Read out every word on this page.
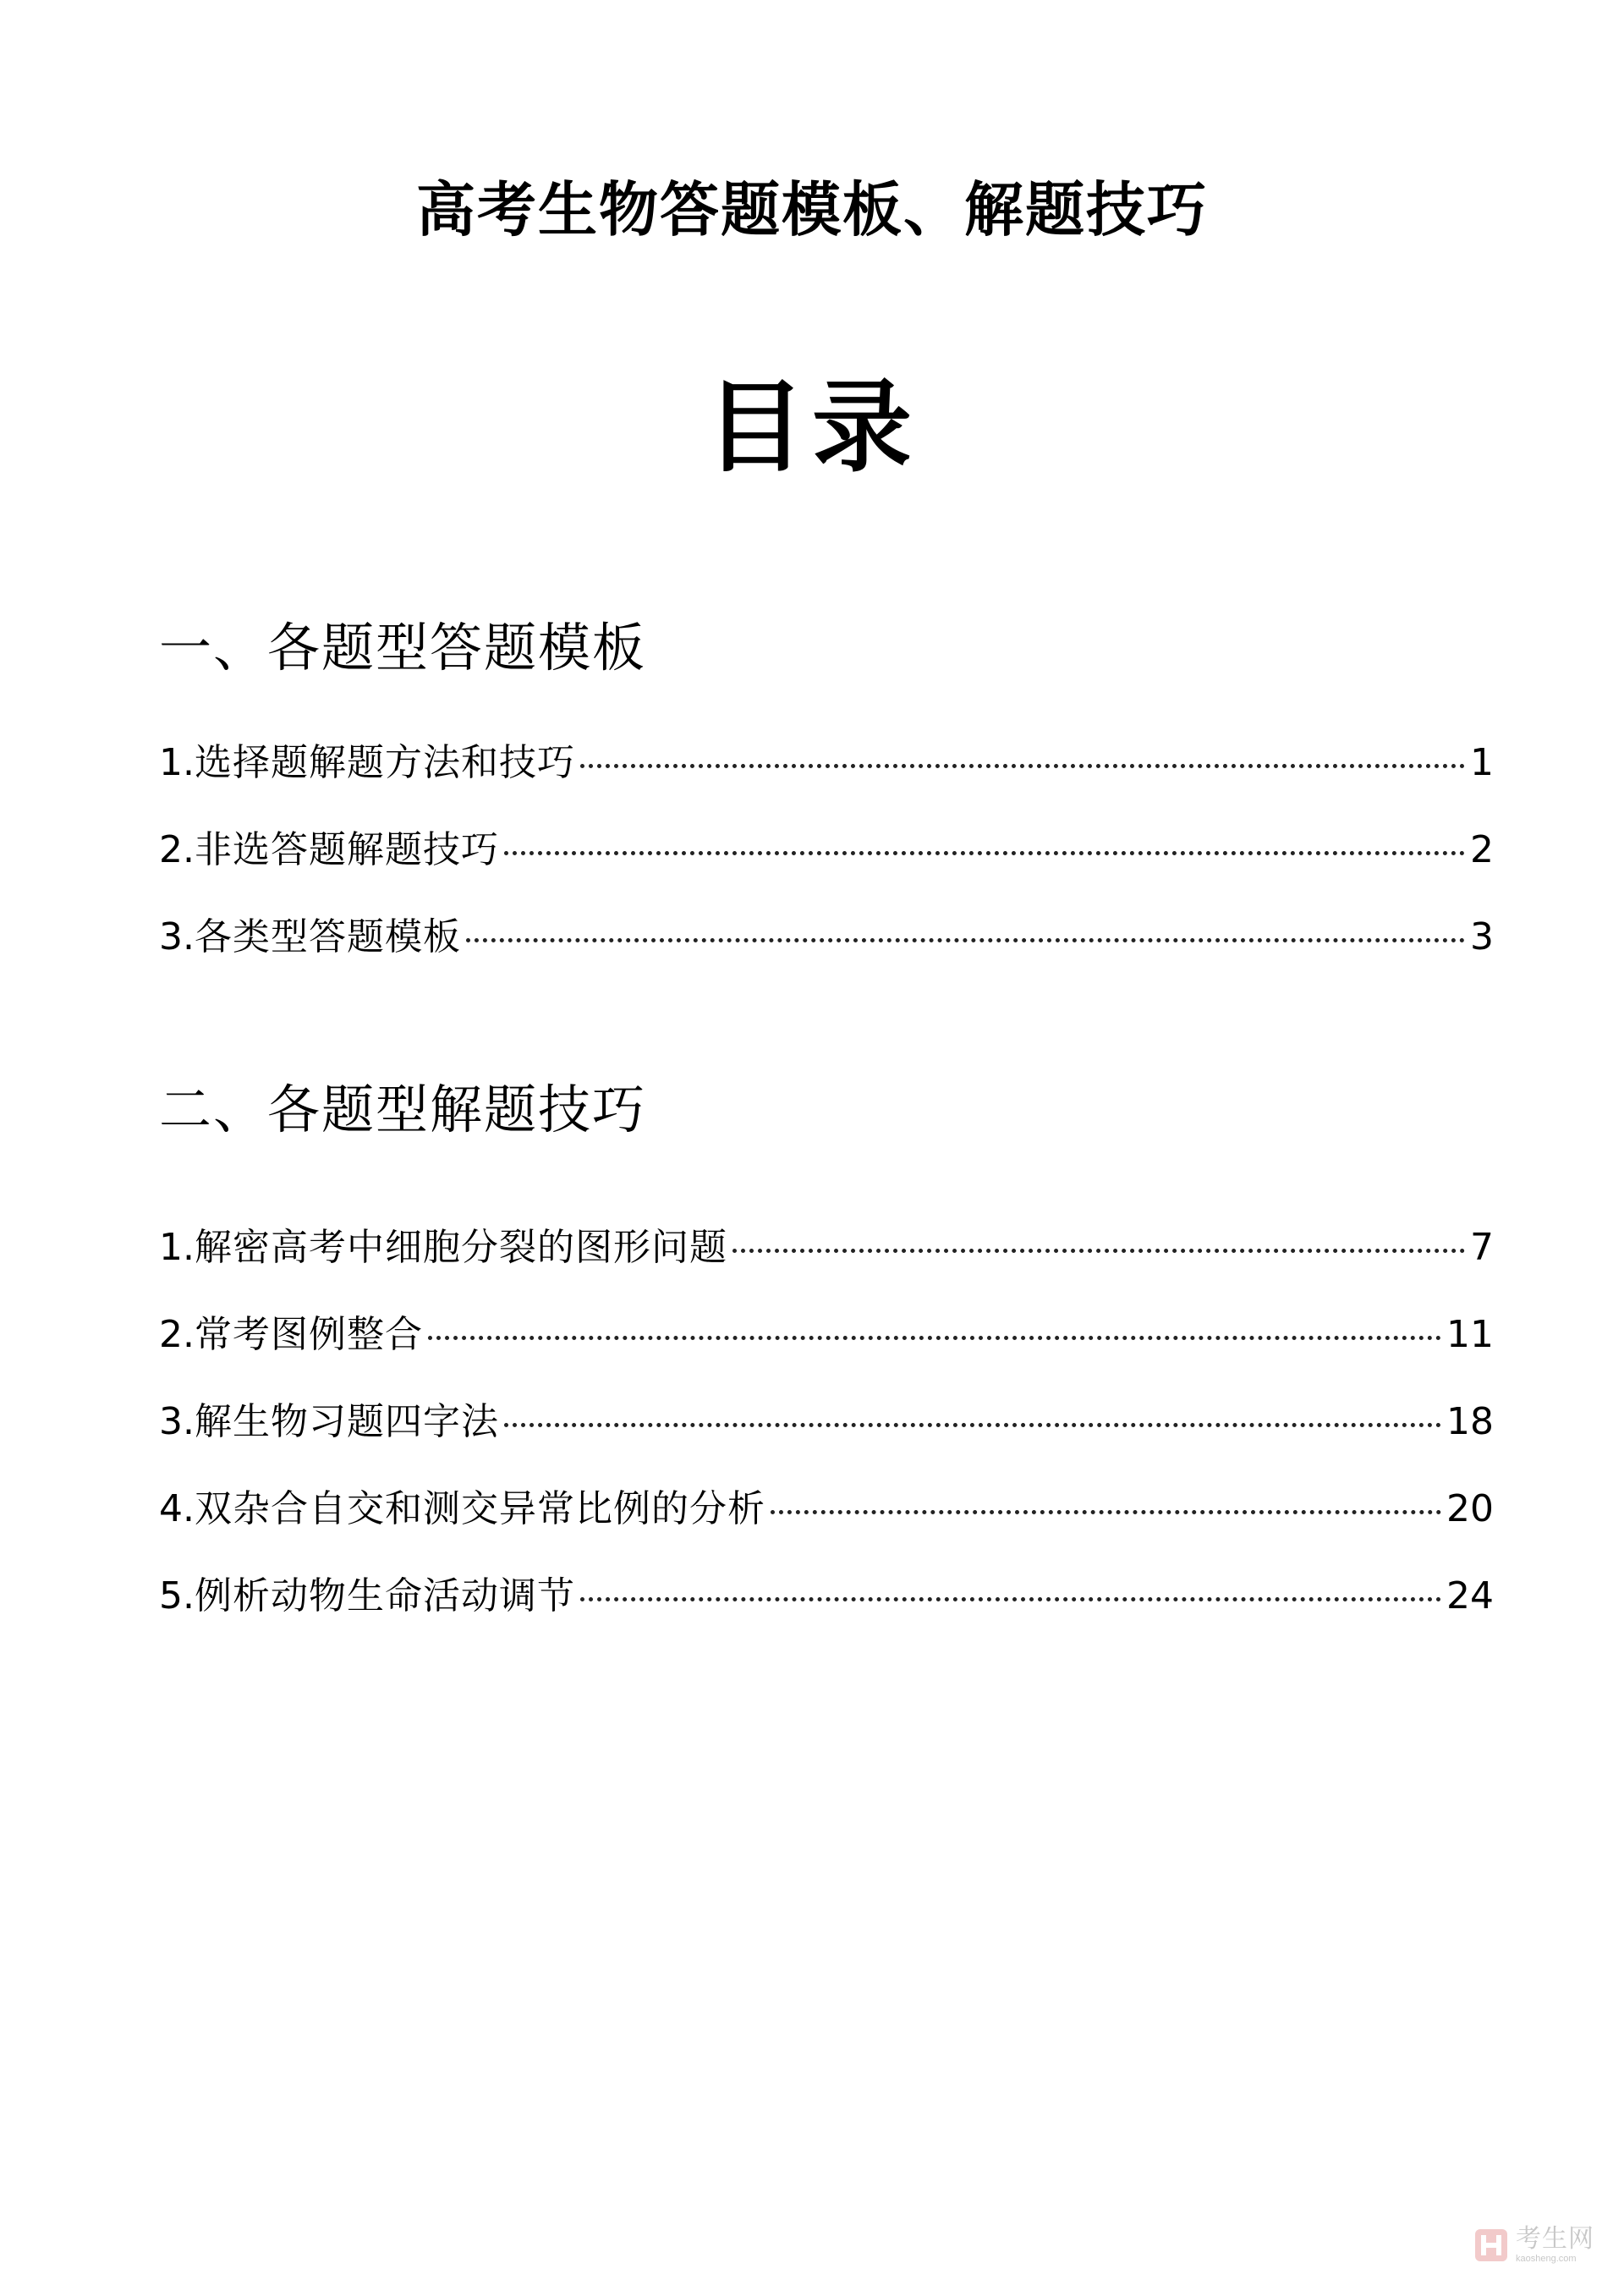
高考生物答题模板、解题技巧
目录
一、各题型答题模板
1. 选择题解题方法和技巧	1
2. 非选答题解题技巧	2
3. 各类型答题模板	3
二、各题型解题技巧
1. 解密高考中细胞分裂的图形问题	7
2. 常考图例整合	11
3. 解生物习题四字法	18
4. 双杂合自交和测交异常比例的分析	20
5. 例析动物生命活动调节	24
考生网
kaosheng.com
